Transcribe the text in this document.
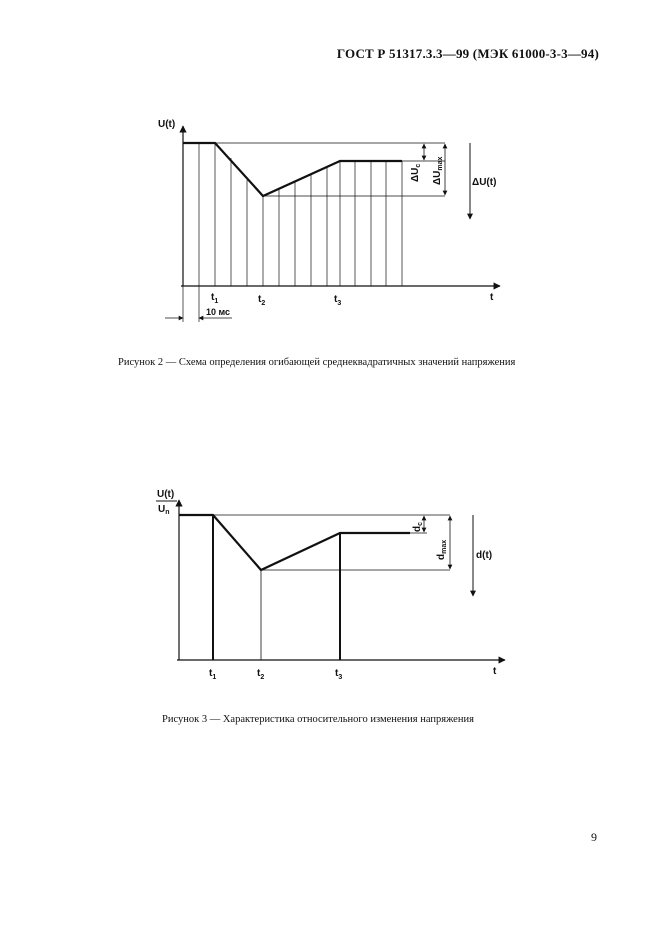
ГОСТ Р 51317.3.3—99 (МЭК 61000-3-3—94)
U(t)
t
$\Delta U_c$
$\Delta U_{max}$
ΔU(t)
$t_1$	$t_2$	$t_3$
10 мс
U(t)
$U_n$
t
$d_c$
$d_{max}$
d(t)
$t_1$	$t_2$	$t_3$
Рисунок 2 — Схема определения огибающей среднеквадратичных значений напряжения
Рисунок 3 — Характеристика относительного изменения напряжения
9
